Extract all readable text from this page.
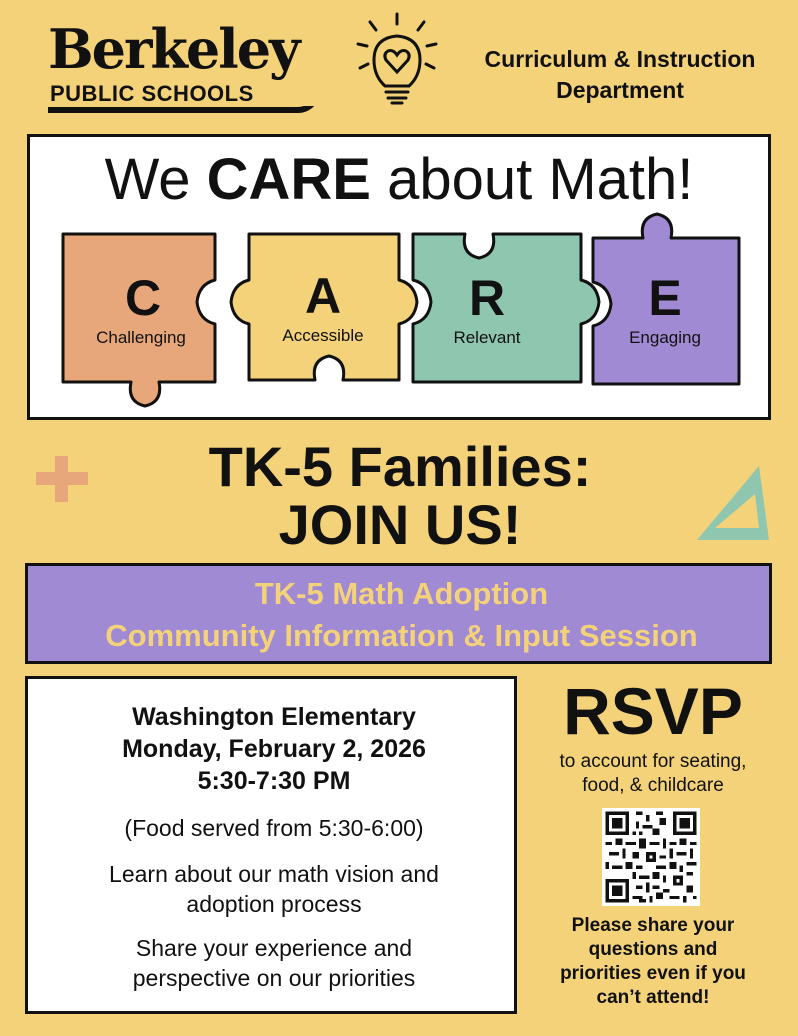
Berkeley
PUBLIC SCHOOLS
Curriculum & Instruction
Department
We CARE about Math!
C
Challenging
A
Accessible
R
Relevant
E
Engaging
TK-5 Families:
JOIN US!
TK-5 Math Adoption
Community Information & Input Session
Washington Elementary
Monday, February 2, 2026
5:30-7:30 PM
(Food served from 5:30-6:00)
Learn about our math vision and
adoption process
Share your experience and
perspective on our priorities
RSVP
to account for seating,
food, & childcare
Please share your
questions and
priorities even if you
can’t attend!
